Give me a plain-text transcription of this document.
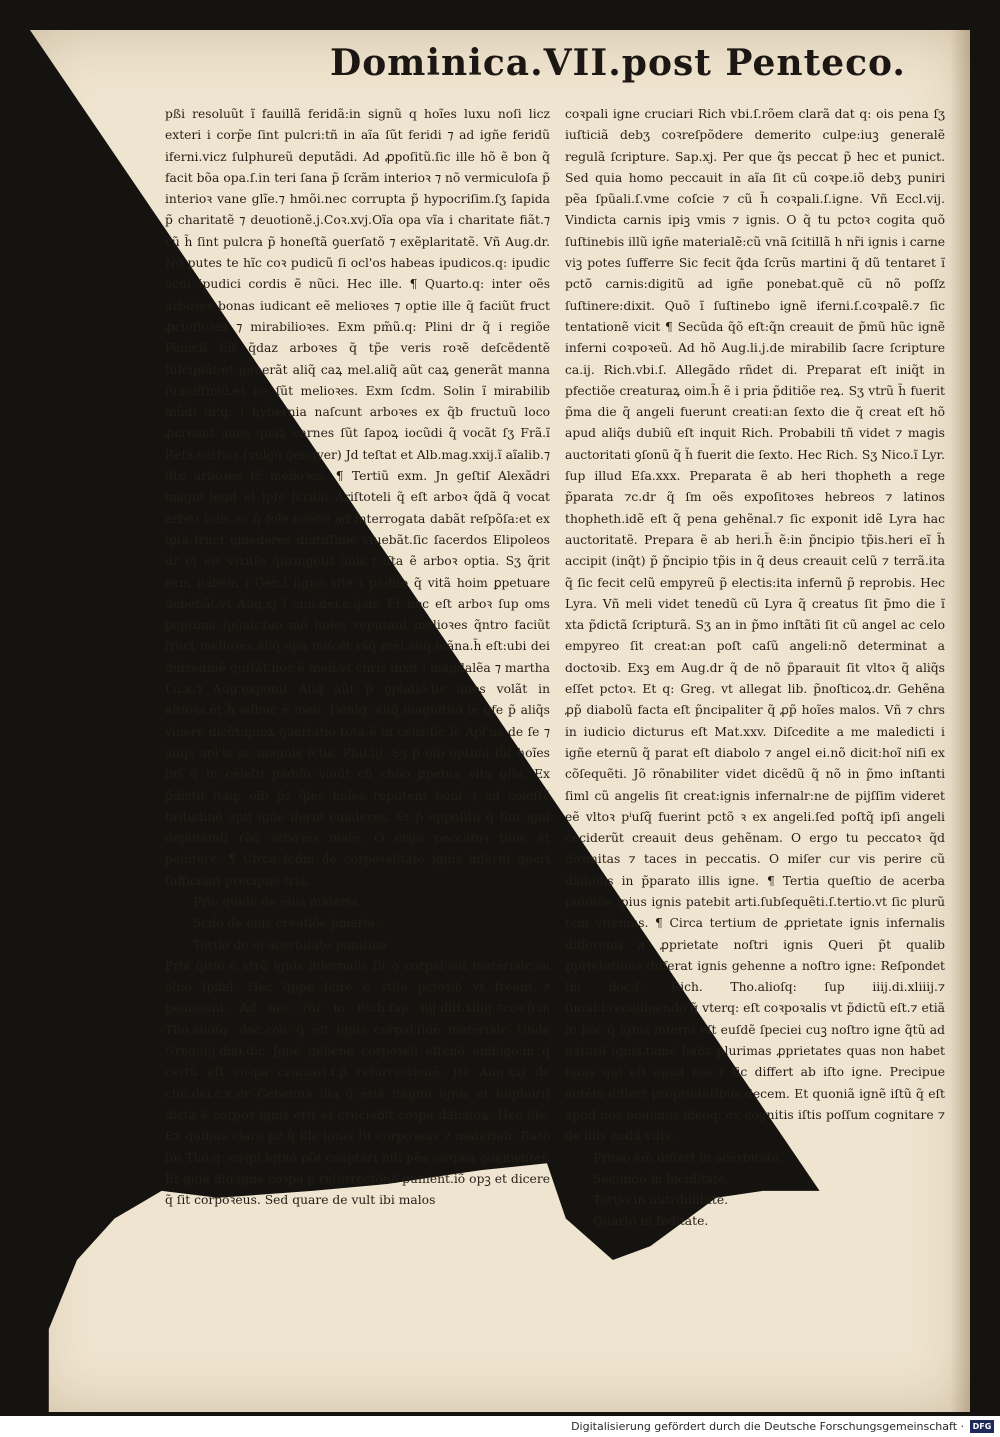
Dominica.VII.post Penteco.

pßi resoluũt ĩ fauillã feridã:in signũ q hoĩes luxu noſi licz exteri i corp̃e ſint pulcri:tñ in aĩa ſũt feridi ⁊ ad igñe feridũ iferni.vicz ſulphureũ deputãdi. Ad ꝓpoſitũ.ſic ille hõ ẽ bon q̃ facit bõa opa.ſ.in teri ſana p̃ ſcrãm interioꝛ ⁊ nõ vermiculoſa p̃ interioꝛ vane glĩe.⁊ hmõi.nec corrupta p̃ hypocriſim.ſʒ ſapida p̃ charitatẽ ⁊ deuotionẽ.j.Coꝛ.xvj.Oĩa opa vĩa i charitate fiãt.⁊ cũ h̃ ſint pulcra p̃ honeſtã ꝯuerſatõ ⁊ exẽplaritatẽ. Vñ Aug.dr. Nõ putes te hĩc coꝛ pudicũ ſi ocl'os habeas ipudicos.q: ipudic ocul ipudici cordis ẽ nũci. Hec ille. ¶ Quarto.q: inter oẽs arboꝛes bonas iudicant eẽ melioꝛes ⁊ optie ille q̃ faciũt fruct ꝓcioſioꝛes ⁊ mirabilioꝛes. Exm pm̃ũ.q: Plini dr q̃ i regiõe Feniciſ ſũt q̃daz arboꝛes q̃ tp̃e veris roꝛẽ deſcẽdentẽ ſuſcipiũt:et generãt aliq̃ caꝝ mel.aliq̃ aũt caꝝ generãt manna ſuauiſſimũ.et he ſũt melioꝛes. Exm ſcdm. Solin ĩ mirabilib mũdi dr.q: i hybernia naſcunt arboꝛes ex q̃b fructuũ loco ꝓcreant aues quaꝝ carnes ſũt ſapoꝝ iocũdi q̃ vocãt ſʒ Frã.ĩ Reſa.carbas (vulgo gengyer) Jd teſtat et Alb.mag.xxij.ĩ aĩalib.⁊ iſte arboꝛes ſc̃ melioꝛes. ¶ Tertiũ exm. Jn geſtiſ Alexãdri magni legit et ipſe ſcribit Ariſtoteli q̃ eſt arboꝛ q̃dã q̃ vocat arboꝛ ſolis.eo q̃ ſole oꝛiẽte ad interrogata dabãt reſpõſa:et ex ipſa fruct ꝯmederes diutiſſime viuebãt.ſic ſacerdos Elipoleos dr et eis vixiſſe q̃dringẽtiſ ãnis.⁊ iſta ẽ arboꝛ optia. Sʒ q̃rit exm habem i Gen.ĩ ligno vite i padiſo q̃ vitã hoim ꝑpetuare debebãt.vt Aug.xj ĩ ciui.dei.c.ij.dr. Et hec eſt arboꝛ ſup oms ꝑoptima ſpũalr.ſuo mõ hoĩes reputant melioꝛes q̃ntro faciũt fruct melioꝛes.aliq̃ opa miſcẽt rãq̃ mel.aliq̃ mãna.h̃ eſt:ubi dei dulcedinẽ guſtãt.hoc ẽ meli.vt chris dixit ĩ magdalẽa ⁊ martha Lu.x.⁊ Aug.exponit Aliq̃ aũt p̃ ꝯplatiõ.ſic aues volãt in altioꝛa.et h̃ adhuc ẽ meli. Deniq: aliq̃ magnitud ie gfe p̃ aliq̃s viuere dicũt:quoꝝ ꝯuerſatio tota ẽ in celis:ſic ĩe Apl'us de ſe ⁊ aliq̃s apl'is ac magnis ſctis. Phil.iij. Sʒ p̃ oĩb optimi ſũt hoĩes brĩ q̃ in celeſti padiſo viuũt cũ chõo ꝑpetua vita glĩe. Ex p̃dictiſ itaq: oĩb p̃s q̃les hoĩes reputent boni ⁊ ad celeſtẽ britudinẽ apti igñe iferni euaderes. Et p̃ oppoſitũ q̃ ſint igni deputandi rãq̃ arboꝛes male. O ergo peccatoꝛ time et penitere. ¶ Circa ſcdm de corpoꝛalitate ignis inferni queri ſufficiant precipue tria.

Prĩo quidẽ de eius materia.
Scd̃o de eius creatiõe p̃maria.
Tertio de ei acerbitate punitiua

Pria q̃ſtio ẽ vtrũ ignis infernalis ſit ꝯ corpal'aut materialr:an oĩno ſpũal. Hec q̃ppe ſcire ẽ vtile pctoꝛib vt freant ⁊ peniteant. Ad hec rñr m Rich.ſup iiij.diſt.xliiij.⁊coꝛ.ſcm Tho.alioſq: doc.coĩr q̃ eſt ignis corpal'ſiue materialr. Unde Greg.iiij.dial.dic Jgnẽ gehẽne corpoꝛeũ eſſenõ ambigo:in q̃ certũ eſt coꝛpa cruciari.ſ.p̃ reſurrectionẽ. Jtẽ Aug.xxj de ciui.dei.c.x.dr Gehenna illa q̃ etiã ſtagnũ ignis et ſulpburiſ dicta ẽ corpoꝛ ignis erit et cruciabit coꝛpa dãnatoꝝ. Hec ille. Ex quibus clare p̃z q̃ ille ignis ſit corpoꝛeus ⁊ materialr. Ratõ ſm Tho.q: coꝛpi ĩqtnõ põt coaptari niſi pẽa coꝛpea ꝯuenienter. Et quia illo igne coꝛpa p reſurrectõnẽ punient.iõ opꝫ et dicere q̃ ſit corpoꝛeus. Sed quare de vult ibi malos

coꝛpali igne cruciari Rich vbi.ſ.rõem clarã dat q: ois pena ſʒ iuſticiã debʒ coꝛreſpõdere demerito culpe:iuꝫ generalẽ regulã ſcripture. Sap.xj. Per que q̃s peccat p̃ hec et punict. Sed quia homo peccauit in aĩa ſit cũ coꝛpe.iõ debʒ puniri pẽa ſpũali.ſ.vme coſcie ⁊ cũ h̃ coꝛpali.ſ.igne. Vñ Eccl.vij. Vindicta carnis ipiꝫ vmis ⁊ ignis. O q̃ tu pctoꝛ cogita quõ ſuſtinebis illũ igñe materialẽ:cũ vnã ſcitillã h nr̃i ignis i carne viꝫ potes ſufferre Sic fecit q̃da ſcrũs martini q̃ dũ tentaret ĩ pctõ carnis:digitũ ad igñe ponebat.quẽ cũ nõ poſſz ſuſtinere:dixit. Quõ ĩ ſuſtinebo ignẽ iferni.ſ.coꝛpalẽ.⁊ ſic tentationẽ vicit ¶ Secũda q̃õ eſt:q̃n creauit de p̃mũ hũc ignẽ inferni coꝛpoꝛeũ. Ad hõ Aug.li.j.de mirabilib ſacre ſcripture ca.ij. Rich.vbi.ſ. Allegãdo rñdet di. Preparat eſt iniq̃t in pfectiõe creaturaꝝ oim.h̃ ẽ i pria p̃ditiõe reꝝ. Sʒ vtrũ h̃ fuerit p̃ma die q̃ angeli fuerunt creati:an ſexto die q̃ creat eſt hõ apud aliq̃s dubiũ eſt inquit Rich. Probabili tñ videt ⁊ magis auctoritati ꝯſonũ q̃ h̃ fuerit die ſexto. Hec Rich. Sʒ Nico.ĩ Lyr. ſup illud Eſa.xxx. Preparata ẽ ab heri thopheth a rege p̃parata ⁊c.dr q̃ ſm oẽs expoſitoꝛes hebreos ⁊ latinos thopheth.idẽ eſt q̃ pena gehẽnal.⁊ ſic exponit idẽ Lyra hac auctoritatẽ. Prepara ẽ ab heri.h̃ ẽ:in p̃ncipio tp̃is.heri eĩ h̃ accipit (inq̃t) p̃ p̃ncipio tp̃is in q̃ deus creauit celũ ⁊ terrã.ita q̃ ſic fecit celũ empyreũ p̃ electis:ita infernũ p̃ reprobis. Hec Lyra. Vñ meli videt tenedũ cũ Lyra q̃ creatus ſit p̃mo die ĩ xta p̃dictã ſcripturã. Sʒ an in p̃mo inſtãti ſit cũ angel ac celo empyreo ſit creat:an poſt caſũ angeli:nõ determinat a doctoꝛib. Exꝫ em Aug.dr q̃ de nõ p̃parauit ſit vltoꝛ q̃ aliq̃s eſſet pctoꝛ. Et q: Greg. vt allegat lib. p̃noſticoꝝ.dr. Gehẽna ꝓp̃ diabolũ facta eſt p̃ncipaliter q̃ ꝓp̃ hoĩes malos. Vñ ⁊ chrs in iudicio dicturus eſt Mat.xxv. Diſcedite a me maledicti i igñe eternũ q̃ parat eſt diabolo ⁊ angel ei.nõ dicit:hoĩ niſi ex cõſequẽti. Jõ rõnabiliter videt dicẽdũ q̃ nõ in p̃mo inſtanti ſiml cũ angelis ſit creat:ignis infernalr:ne de pijſſim videret eẽ vltoꝛ pⁱuſq̃ fuerint pctõ ꝛ ex angeli.ſed poſtq̃ ipſi angeli ceciderũt creauit deus gehẽnam. O ergo tu peccatoꝛ q̃d doꝛmitas ⁊ taces in peccatis. O miſer cur vis perire cũ diabolis in p̃parato illis igne. ¶ Tertia queſtio de acerba punitõe ipius ignis patebit arti.ſubſequẽti.ſ.tertio.vt ſic plurũ tem vitemus. ¶ Circa tertium de ꝓprietate ignis infernalis differenti a ꝓprietate noſtri ignis Queri p̃t qualib ꝓprietatibus differat ignis gehenne a noſtro igne: Reſpondet ſm doc.ſ. Rich. Tho.alioſq: ſup iiij.di.xliiij.⁊ ſimul.i.recolligendo q̃ vterq: eſt coꝛpoꝛalis vt p̃dictũ eſt.⁊ etiã in hoc q̃ ignis inferni eſt euſdẽ ſpeciei cuꝫ noſtro igne q̃tũ ad naturã ignis.tamẽ habz plurimas ꝓprietates quas non habet ignis qui eſt apud nos.⁊ ſic differt ab iſto igne. Precipue autem differt proprietatibus decem. Et quoniã ignẽ iſtũ q̃ eſt apud nos nouimus.ideoq: ex cognitis iſtis poſſum cognitare ⁊ de illis nodũ viſis.

Primo em̃ differt in acerbitate.
Secundo in luciditate.
Tertio in nutribilitate.
Quarto in feditate.
Digitalisierung gefördert durch die Deutsche Forschungsgemeinschaft ·	DFG
